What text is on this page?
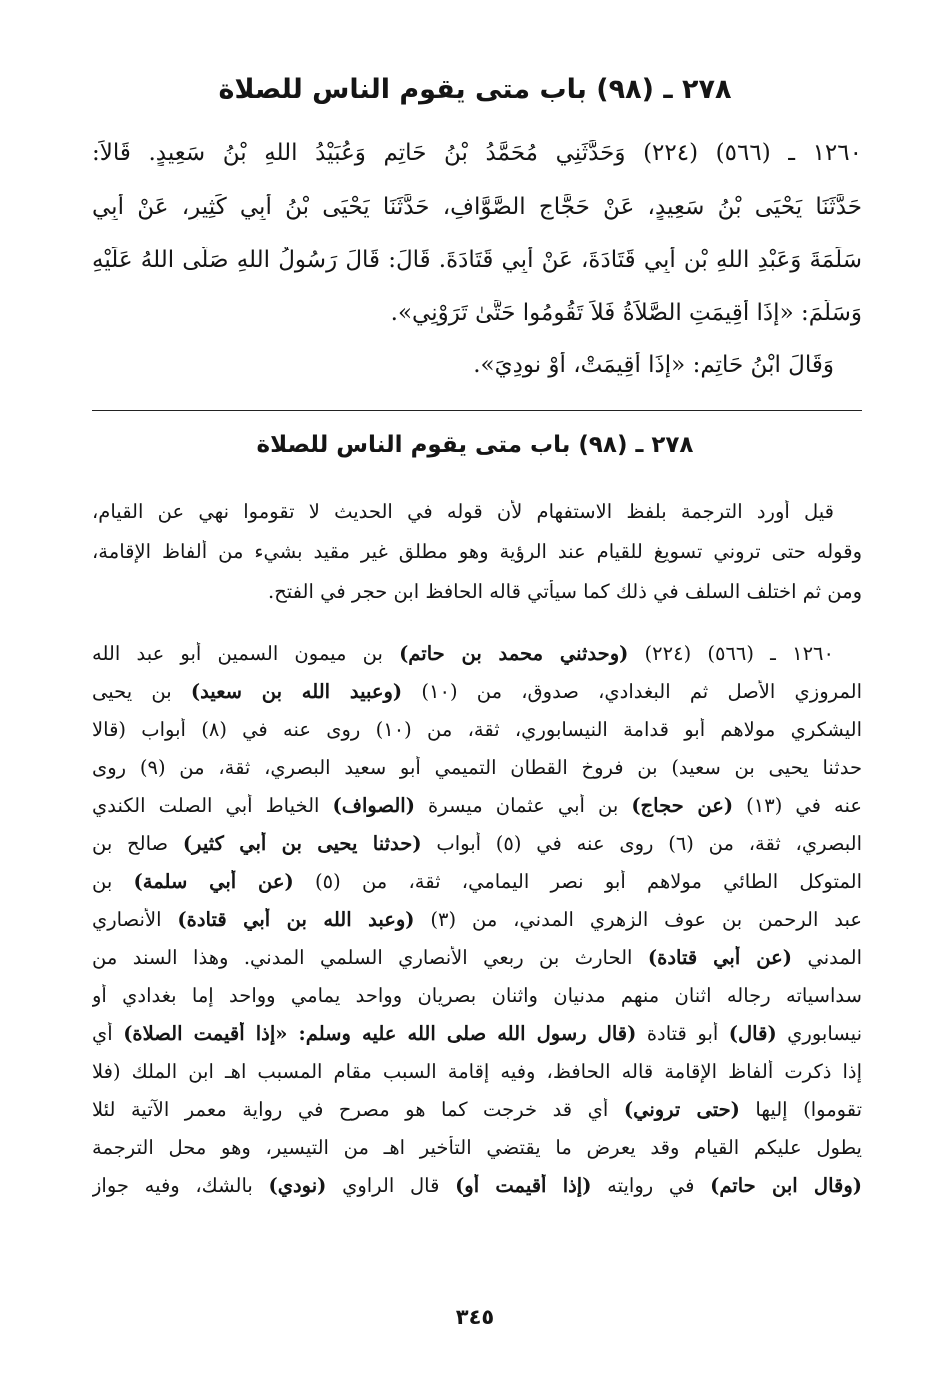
٢٧٨ ـ (٩٨) باب متى يقوم الناس للصلاة
١٢٦٠ ـ (٥٦٦) (٢٢٤) وَحَدَّثَنِي مُحَمَّدُ بْنُ حَاتِمٍ وَعُبَيْدُ اللهِ بْنُ سَعِيدٍ. قَالاَ:
حَدَّثَنَا يَحْيَى بْنُ سَعِيدٍ، عَنْ حَجَّاجٍ الصَّوَّافِ، حَدَّثَنَا يَحْيَى بْنُ أَبِي كَثِيرٍ، عَنْ أَبِي
سَلَمَةَ وَعَبْدِ اللهِ بْنِ أَبِي قَتَادَةَ، عَنْ أَبِي قَتَادَةَ. قَالَ: قَالَ رَسُولُ اللهِ صَلَّى اللهُ عَلَيْهِ
وَسَلَّمَ: «إِذَا أُقِيمَتِ الصَّلاَةُ فَلاَ تَقُومُوا حَتَّىٰ تَرَوْنِي».
وَقَالَ ابْنُ حَاتِمٍ: «إِذَا أُقِيمَتْ، أَوْ نودِيَ».
٢٧٨ ـ (٩٨) باب متى يقوم الناس للصلاة
قيل أورد الترجمة بلفظ الاستفهام لأن قوله في الحديث لا تقوموا نهي عن القيام،
وقوله حتى تروني تسويغ للقيام عند الرؤية وهو مطلق غير مقيد بشيء من ألفاظ الإقامة،
ومن ثم اختلف السلف في ذلك كما سيأتي قاله الحافظ ابن حجر في الفتح.
١٢٦٠ ـ (٥٦٦) (٢٢٤) (وحدثني محمد بن حاتم) بن ميمون السمين أبو عبد الله
المروزي الأصل ثم البغدادي، صدوق، من (١٠) (وعبيد الله بن سعيد) بن يحيى
اليشكري مولاهم أبو قدامة النيسابوري، ثقة، من (١٠) روى عنه في (٨) أبواب (قالا
حدثنا يحيى بن سعيد) بن فروخ القطان التميمي أبو سعيد البصري، ثقة، من (٩) روى
عنه في (١٣) (عن حجاج) بن أبي عثمان ميسرة (الصواف) الخياط أبي الصلت الكندي
البصري، ثقة، من (٦) روى عنه في (٥) أبواب (حدثنا يحيى بن أبي كثير) صالح بن
المتوكل الطائي مولاهم أبو نصر اليمامي، ثقة، من (٥) (عن أبي سلمة) بن
عبد الرحمن بن عوف الزهري المدني، من (٣) (وعبد الله بن أبي قتادة) الأنصاري
المدني (عن أبي قتادة) الحارث بن ربعي الأنصاري السلمي المدني. وهذا السند من
سداسياته رجاله اثنان منهم مدنيان واثنان بصريان وواحد يمامي وواحد إما بغدادي أو
نيسابوري (قال) أبو قتادة (قال رسول الله صلى الله عليه وسلم: «إذا أقيمت الصلاة) أي
إذا ذكرت ألفاظ الإقامة قاله الحافظ، وفيه إقامة السبب مقام المسبب اهـ ابن الملك (فلا
تقوموا) إليها (حتى تروني) أي قد خرجت كما هو مصرح في رواية معمر الآتية لئلا
يطول عليكم القيام وقد يعرض ما يقتضي التأخير اهـ من التيسير، وهو محل الترجمة
(وقال ابن حاتم) في روايته (إذا أقيمت أو) قال الراوي (نودي) بالشك، وفيه جواز
٣٤٥
